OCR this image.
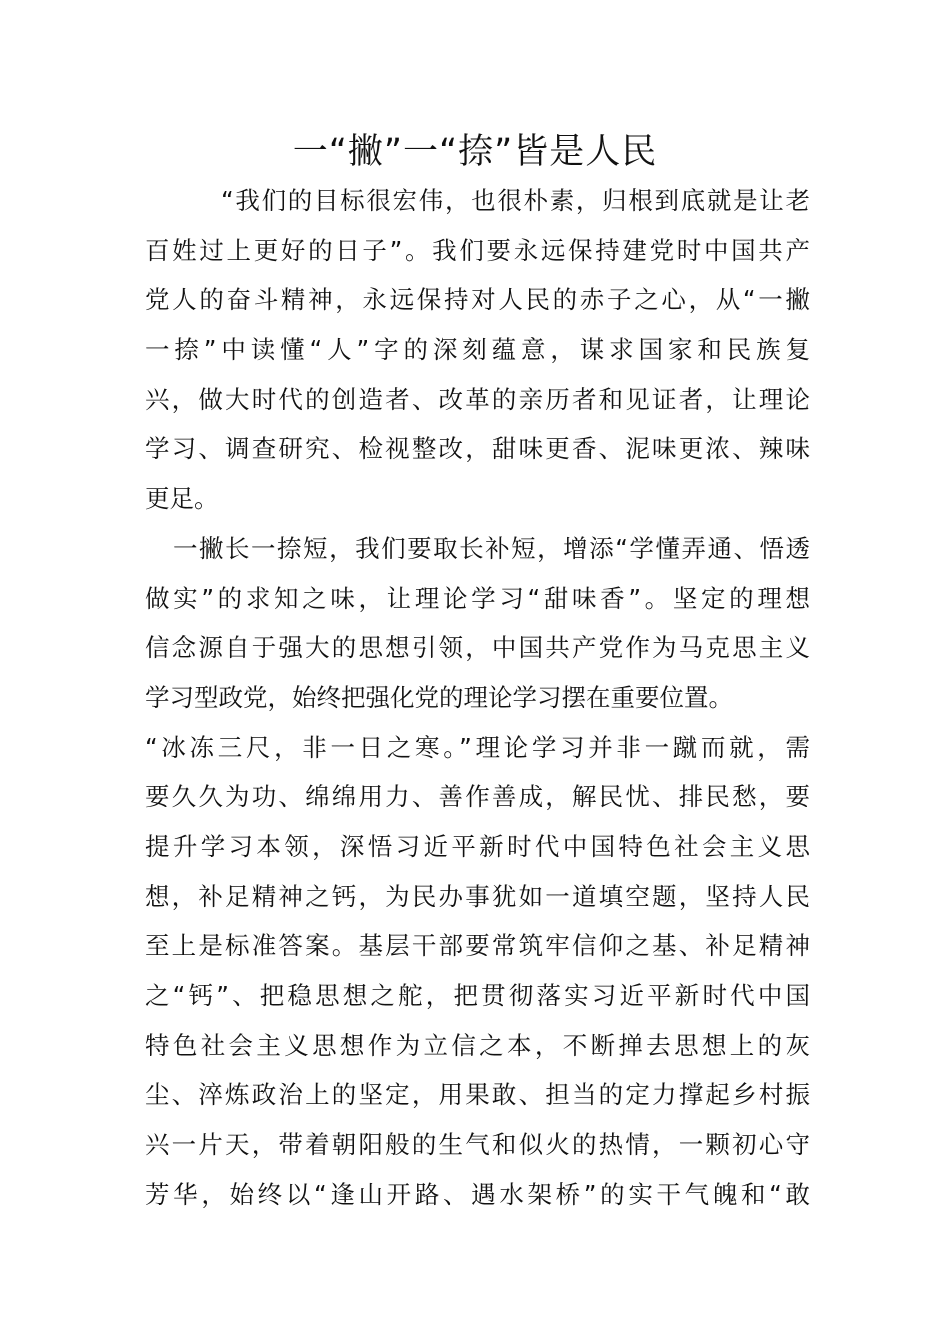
一“撇”一“捺”皆是人民
“我们的目标很宏伟，也很朴素，归根到底就是让老
百姓过上更好的日子”。我们要永远保持建党时中国共产
党人的奋斗精神，永远保持对人民的赤子之心，从“一撇
一捺”中读懂“人”字的深刻蕴意，谋求国家和民族复
兴，做大时代的创造者、改革的亲历者和见证者，让理论
学习、调查研究、检视整改，甜味更香、泥味更浓、辣味
更足。
一撇长一捺短，我们要取长补短，增添“学懂弄通、悟透
做实”的求知之味，让理论学习“甜味香”。坚定的理想
信念源自于强大的思想引领，中国共产党作为马克思主义
学习型政党，始终把强化党的理论学习摆在重要位置。
“冰冻三尺，非一日之寒。”理论学习并非一蹴而就，需
要久久为功、绵绵用力、善作善成，解民忧、排民愁，要
提升学习本领，深悟习近平新时代中国特色社会主义思
想，补足精神之钙，为民办事犹如一道填空题，坚持人民
至上是标准答案。基层干部要常筑牢信仰之基、补足精神
之“钙”、把稳思想之舵，把贯彻落实习近平新时代中国
特色社会主义思想作为立信之本，不断掸去思想上的灰
尘、淬炼政治上的坚定，用果敢、担当的定力撑起乡村振
兴一片天，带着朝阳般的生气和似火的热情，一颗初心守
芳华，始终以“逢山开路、遇水架桥”的实干气魄和“敢
